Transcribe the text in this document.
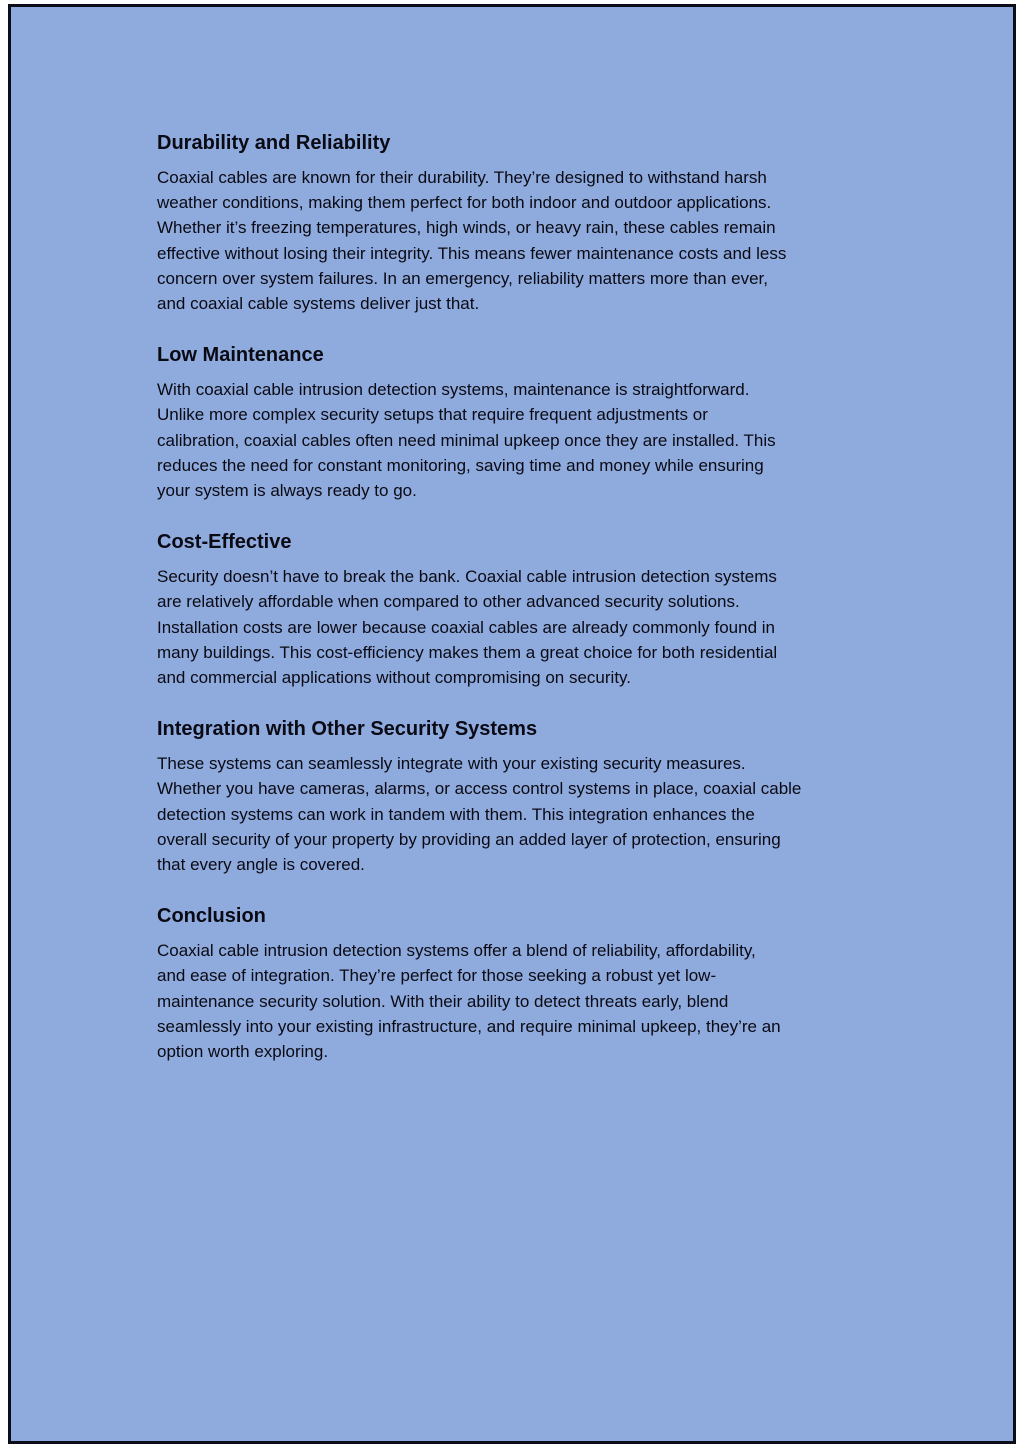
Durability and Reliability
Coaxial cables are known for their durability. They’re designed to withstand harsh
weather conditions, making them perfect for both indoor and outdoor applications.
Whether it’s freezing temperatures, high winds, or heavy rain, these cables remain
effective without losing their integrity. This means fewer maintenance costs and less
concern over system failures. In an emergency, reliability matters more than ever,
and coaxial cable systems deliver just that.
Low Maintenance
With coaxial cable intrusion detection systems, maintenance is straightforward.
Unlike more complex security setups that require frequent adjustments or
calibration, coaxial cables often need minimal upkeep once they are installed. This
reduces the need for constant monitoring, saving time and money while ensuring
your system is always ready to go.
Cost-Effective
Security doesn’t have to break the bank. Coaxial cable intrusion detection systems
are relatively affordable when compared to other advanced security solutions.
Installation costs are lower because coaxial cables are already commonly found in
many buildings. This cost-efficiency makes them a great choice for both residential
and commercial applications without compromising on security.
Integration with Other Security Systems
These systems can seamlessly integrate with your existing security measures.
Whether you have cameras, alarms, or access control systems in place, coaxial cable
detection systems can work in tandem with them. This integration enhances the
overall security of your property by providing an added layer of protection, ensuring
that every angle is covered.
Conclusion
Coaxial cable intrusion detection systems offer a blend of reliability, affordability,
and ease of integration. They’re perfect for those seeking a robust yet low-
maintenance security solution. With their ability to detect threats early, blend
seamlessly into your existing infrastructure, and require minimal upkeep, they’re an
option worth exploring.
